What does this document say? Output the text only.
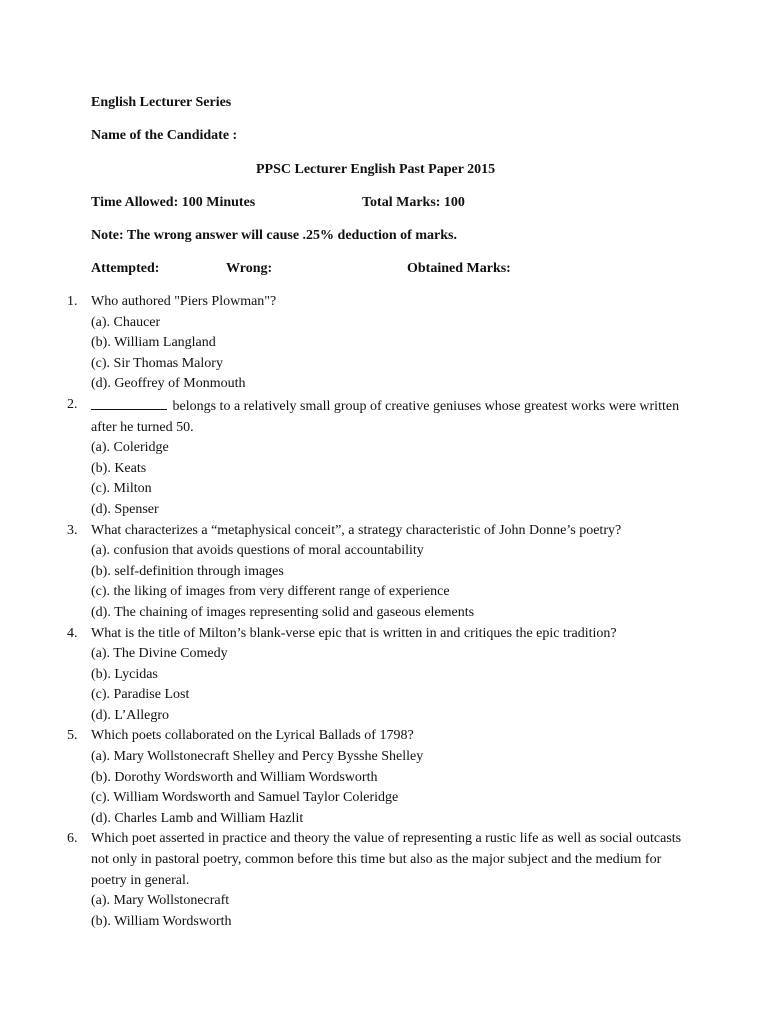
English Lecturer Series
Name of the Candidate :
PPSC Lecturer English Past Paper 2015
Time Allowed: 100 Minutes	Total Marks: 100
Note: The wrong answer will cause .25% deduction of marks.
Attempted:	Wrong:	Obtained Marks:
1. Who authored "Piers Plowman"?
(a). Chaucer
(b). William Langland
(c). Sir Thomas Malory
(d). Geoffrey of Monmouth
2.	belongs to a relatively small group of creative geniuses whose greatest works were written after he turned 50.
(a). Coleridge
(b). Keats
(c). Milton
(d). Spenser
3. What characterizes a “metaphysical conceit”, a strategy characteristic of John Donne’s poetry?
(a). confusion that avoids questions of moral accountability
(b). self-definition through images
(c). the liking of images from very different range of experience
(d). The chaining of images representing solid and gaseous elements
4. What is the title of Milton’s blank-verse epic that is written in and critiques the epic tradition?
(a). The Divine Comedy
(b). Lycidas
(c). Paradise Lost
(d). L’Allegro
5. Which poets collaborated on the Lyrical Ballads of 1798?
(a). Mary Wollstonecraft Shelley and Percy Bysshe Shelley
(b). Dorothy Wordsworth and William Wordsworth
(c). William Wordsworth and Samuel Taylor Coleridge
(d). Charles Lamb and William Hazlit
6. Which poet asserted in practice and theory the value of representing a rustic life as well as social outcasts not only in pastoral poetry, common before this time but also as the major subject and the medium for poetry in general.
(a). Mary Wollstonecraft
(b). William Wordsworth
